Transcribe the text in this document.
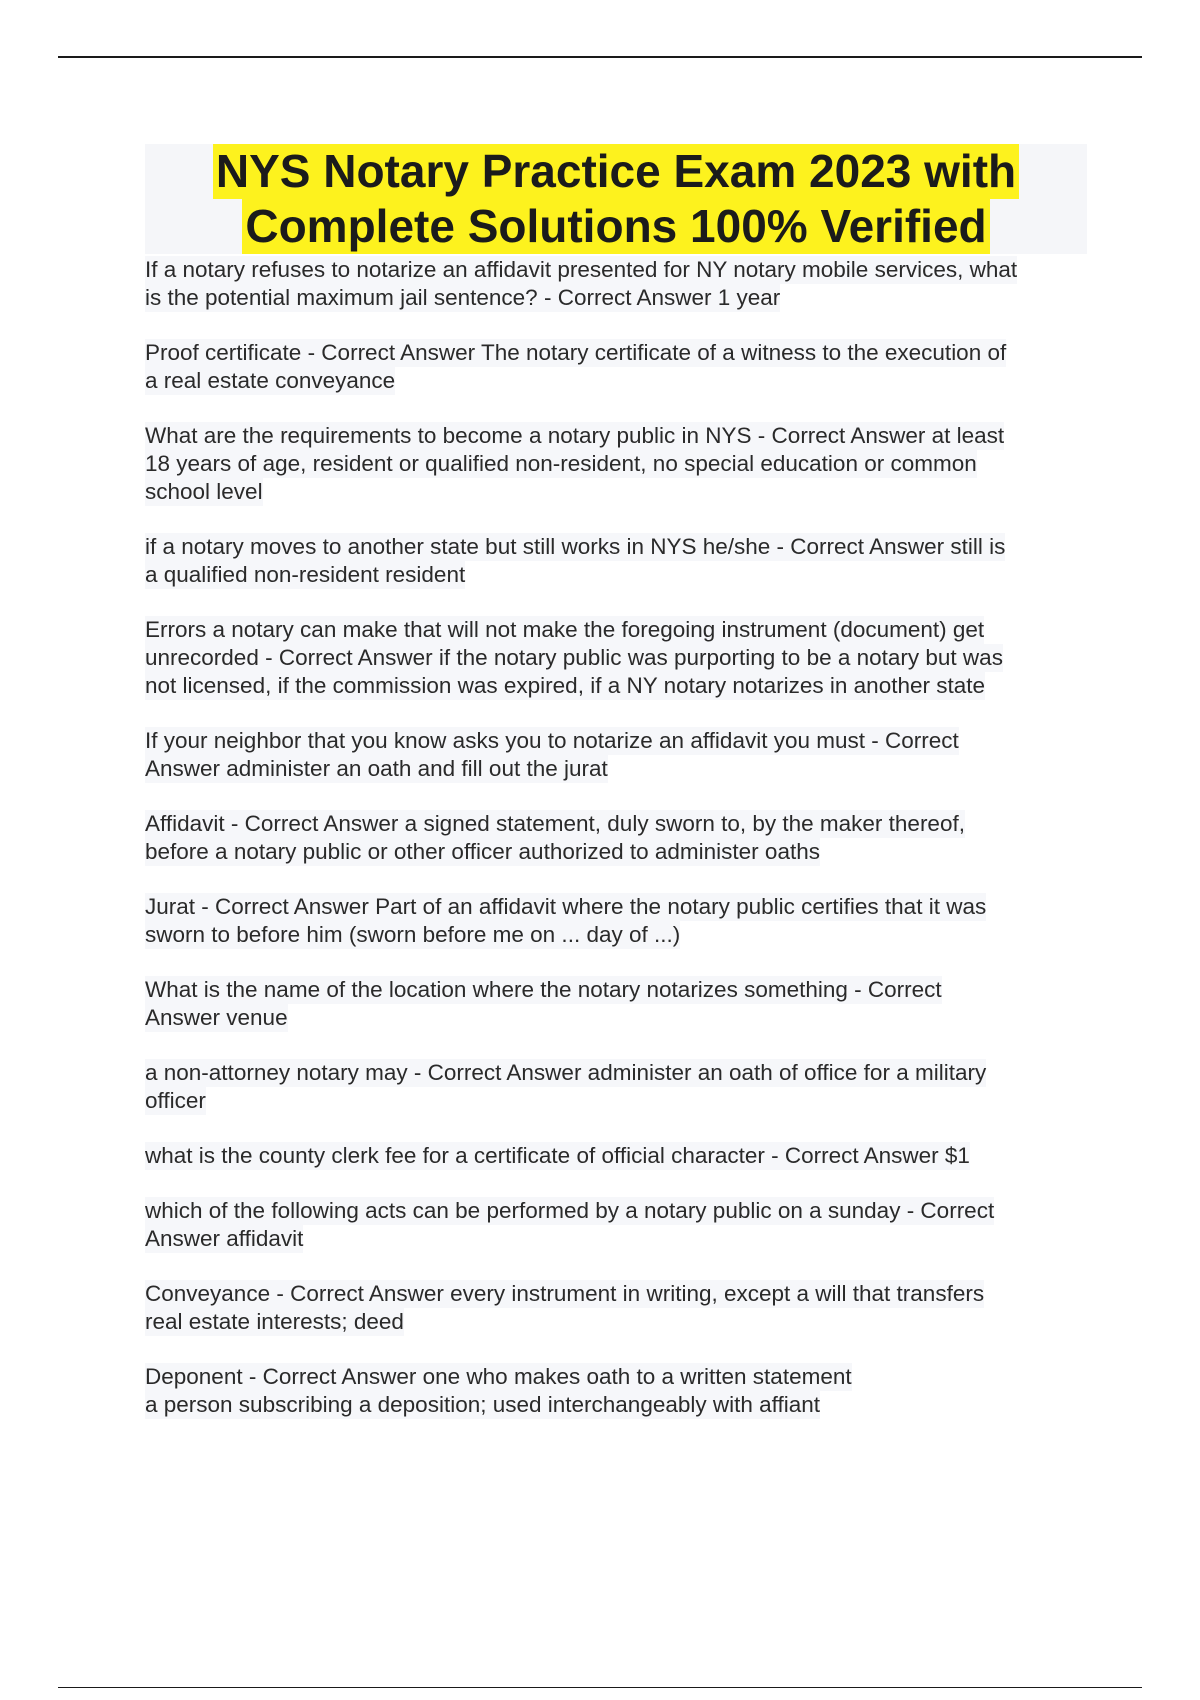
NYS Notary Practice Exam 2023 with
Complete Solutions 100% Verified
If a notary refuses to notarize an affidavit presented for NY notary mobile services, what
is the potential maximum jail sentence? - Correct Answer 1 year
Proof certificate - Correct Answer The notary certificate of a witness to the execution of
a real estate conveyance
What are the requirements to become a notary public in NYS - Correct Answer at least
18 years of age, resident or qualified non-resident, no special education or common
school level
if a notary moves to another state but still works in NYS he/she - Correct Answer still is
a qualified non-resident resident
Errors a notary can make that will not make the foregoing instrument (document) get
unrecorded - Correct Answer if the notary public was purporting to be a notary but was
not licensed, if the commission was expired, if a NY notary notarizes in another state
If your neighbor that you know asks you to notarize an affidavit you must - Correct
Answer administer an oath and fill out the jurat
Affidavit - Correct Answer a signed statement, duly sworn to, by the maker thereof,
before a notary public or other officer authorized to administer oaths
Jurat - Correct Answer Part of an affidavit where the notary public certifies that it was
sworn to before him (sworn before me on ... day of ...)
What is the name of the location where the notary notarizes something - Correct
Answer venue
a non-attorney notary may - Correct Answer administer an oath of office for a military
officer
what is the county clerk fee for a certificate of official character - Correct Answer $1
which of the following acts can be performed by a notary public on a sunday - Correct
Answer affidavit
Conveyance - Correct Answer every instrument in writing, except a will that transfers
real estate interests; deed
Deponent - Correct Answer one who makes oath to a written statement
a person subscribing a deposition; used interchangeably with affiant
